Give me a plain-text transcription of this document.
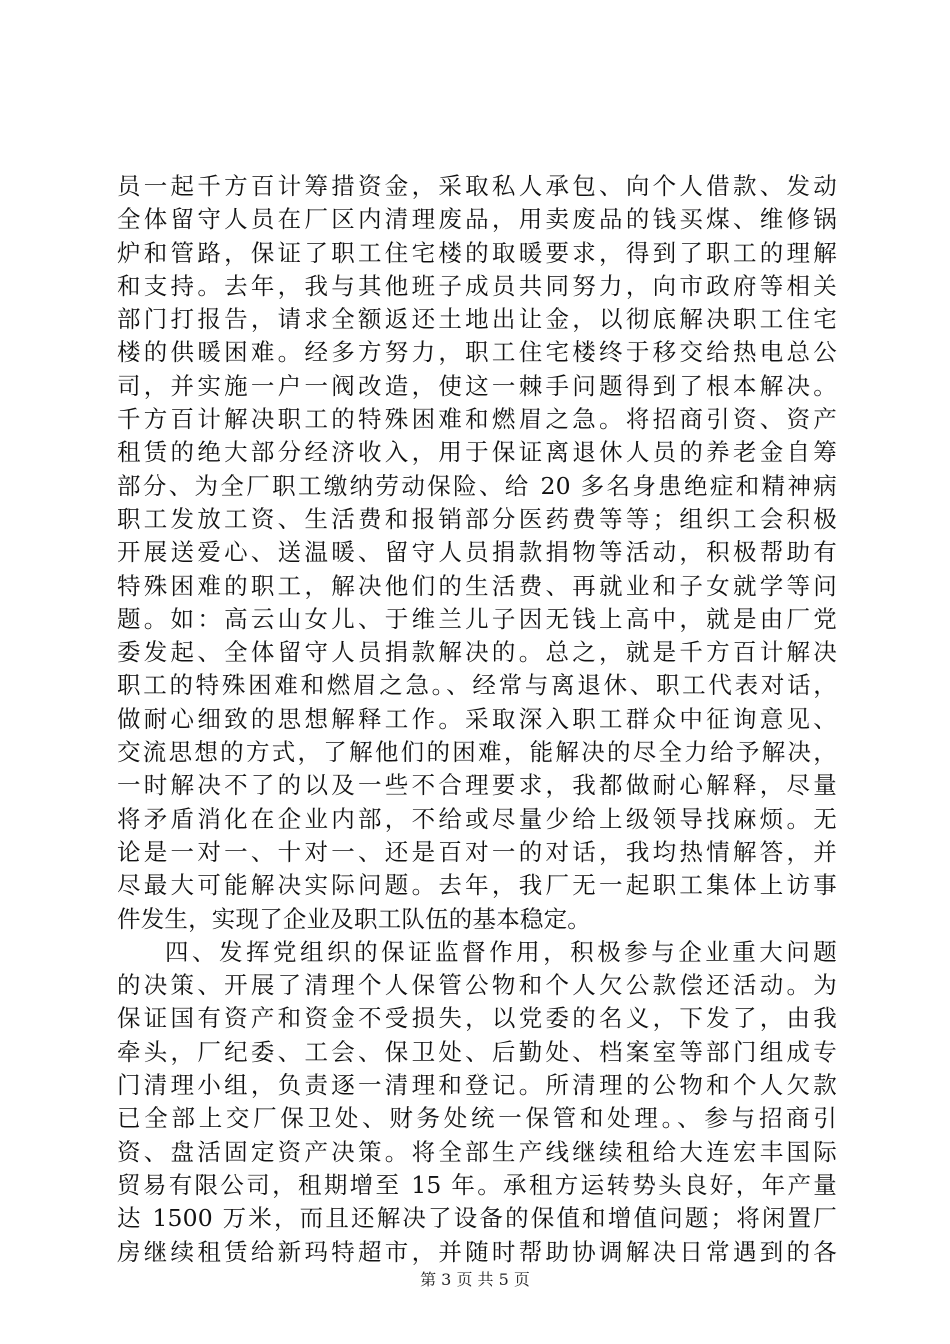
员一起千方百计筹措资金，采取私人承包、向个人借款、发动
全体留守人员在厂区内清理废品，用卖废品的钱买煤、维修锅
炉和管路，保证了职工住宅楼的取暖要求，得到了职工的理解
和支持。去年，我与其他班子成员共同努力，向市政府等相关
部门打报告，请求全额返还土地出让金，以彻底解决职工住宅
楼的供暖困难。经多方努力，职工住宅楼终于移交给热电总公
司，并实施一户一阀改造，使这一棘手问题得到了根本解决。
千方百计解决职工的特殊困难和燃眉之急。将招商引资、资产
租赁的绝大部分经济收入，用于保证离退休人员的养老金自筹
部分、为全厂职工缴纳劳动保险、给 20 多名身患绝症和精神病
职工发放工资、生活费和报销部分医药费等等；组织工会积极
开展送爱心、送温暖、留守人员捐款捐物等活动，积极帮助有
特殊困难的职工，解决他们的生活费、再就业和子女就学等问
题。如：高云山女儿、于维兰儿子因无钱上高中，就是由厂党
委发起、全体留守人员捐款解决的。总之，就是千方百计解决
职工的特殊困难和燃眉之急。、经常与离退休、职工代表对话，
做耐心细致的思想解释工作。采取深入职工群众中征询意见、
交流思想的方式，了解他们的困难，能解决的尽全力给予解决，
一时解决不了的以及一些不合理要求，我都做耐心解释，尽量
将矛盾消化在企业内部，不给或尽量少给上级领导找麻烦。无
论是一对一、十对一、还是百对一的对话，我均热情解答，并
尽最大可能解决实际问题。去年，我厂无一起职工集体上访事
件发生，实现了企业及职工队伍的基本稳定。
四、发挥党组织的保证监督作用，积极参与企业重大问题
的决策、开展了清理个人保管公物和个人欠公款偿还活动。为
保证国有资产和资金不受损失，以党委的名义，下发了，由我
牵头，厂纪委、工会、保卫处、后勤处、档案室等部门组成专
门清理小组，负责逐一清理和登记。所清理的公物和个人欠款
已全部上交厂保卫处、财务处统一保管和处理。、参与招商引
资、盘活固定资产决策。将全部生产线继续租给大连宏丰国际
贸易有限公司，租期增至 15 年。承租方运转势头良好，年产量
达 1500 万米，而且还解决了设备的保值和增值问题；将闲置厂
房继续租赁给新玛特超市，并随时帮助协调解决日常遇到的各
第 3 页 共 5 页
